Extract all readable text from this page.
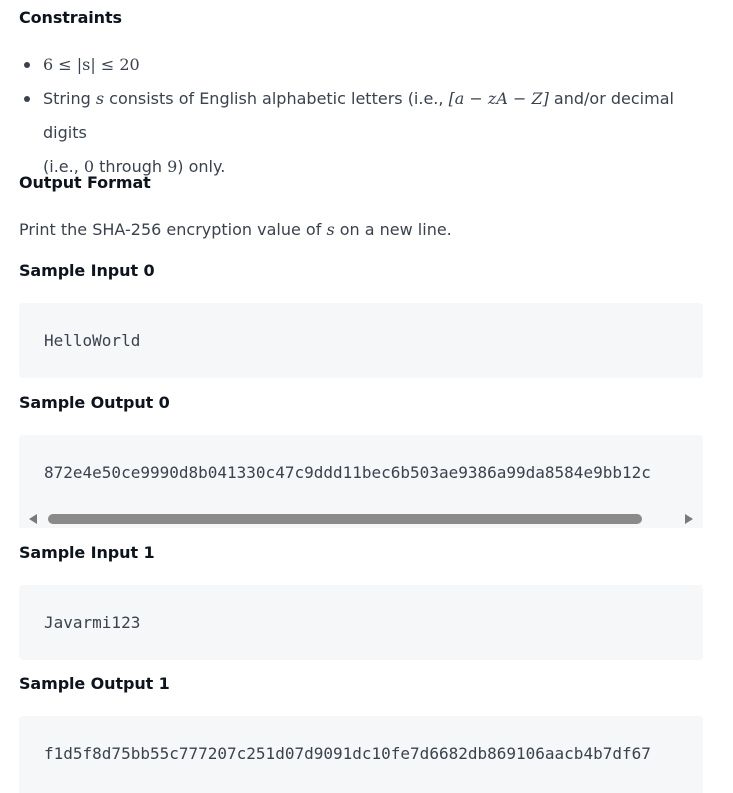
Constraints
6 ≤ |s| ≤ 20
String s consists of English alphabetic letters (i.e., [a − zA − Z] and/or decimal digits
(i.e., 0 through 9) only.
Output Format
Print the SHA-256 encryption value of s on a new line.
Sample Input 0
HelloWorld
Sample Output 0
872e4e50ce9990d8b041330c47c9ddd11bec6b503ae9386a99da8584e9bb12c
Sample Input 1
Javarmi123
Sample Output 1
f1d5f8d75bb55c777207c251d07d9091dc10fe7d6682db869106aacb4b7df67
